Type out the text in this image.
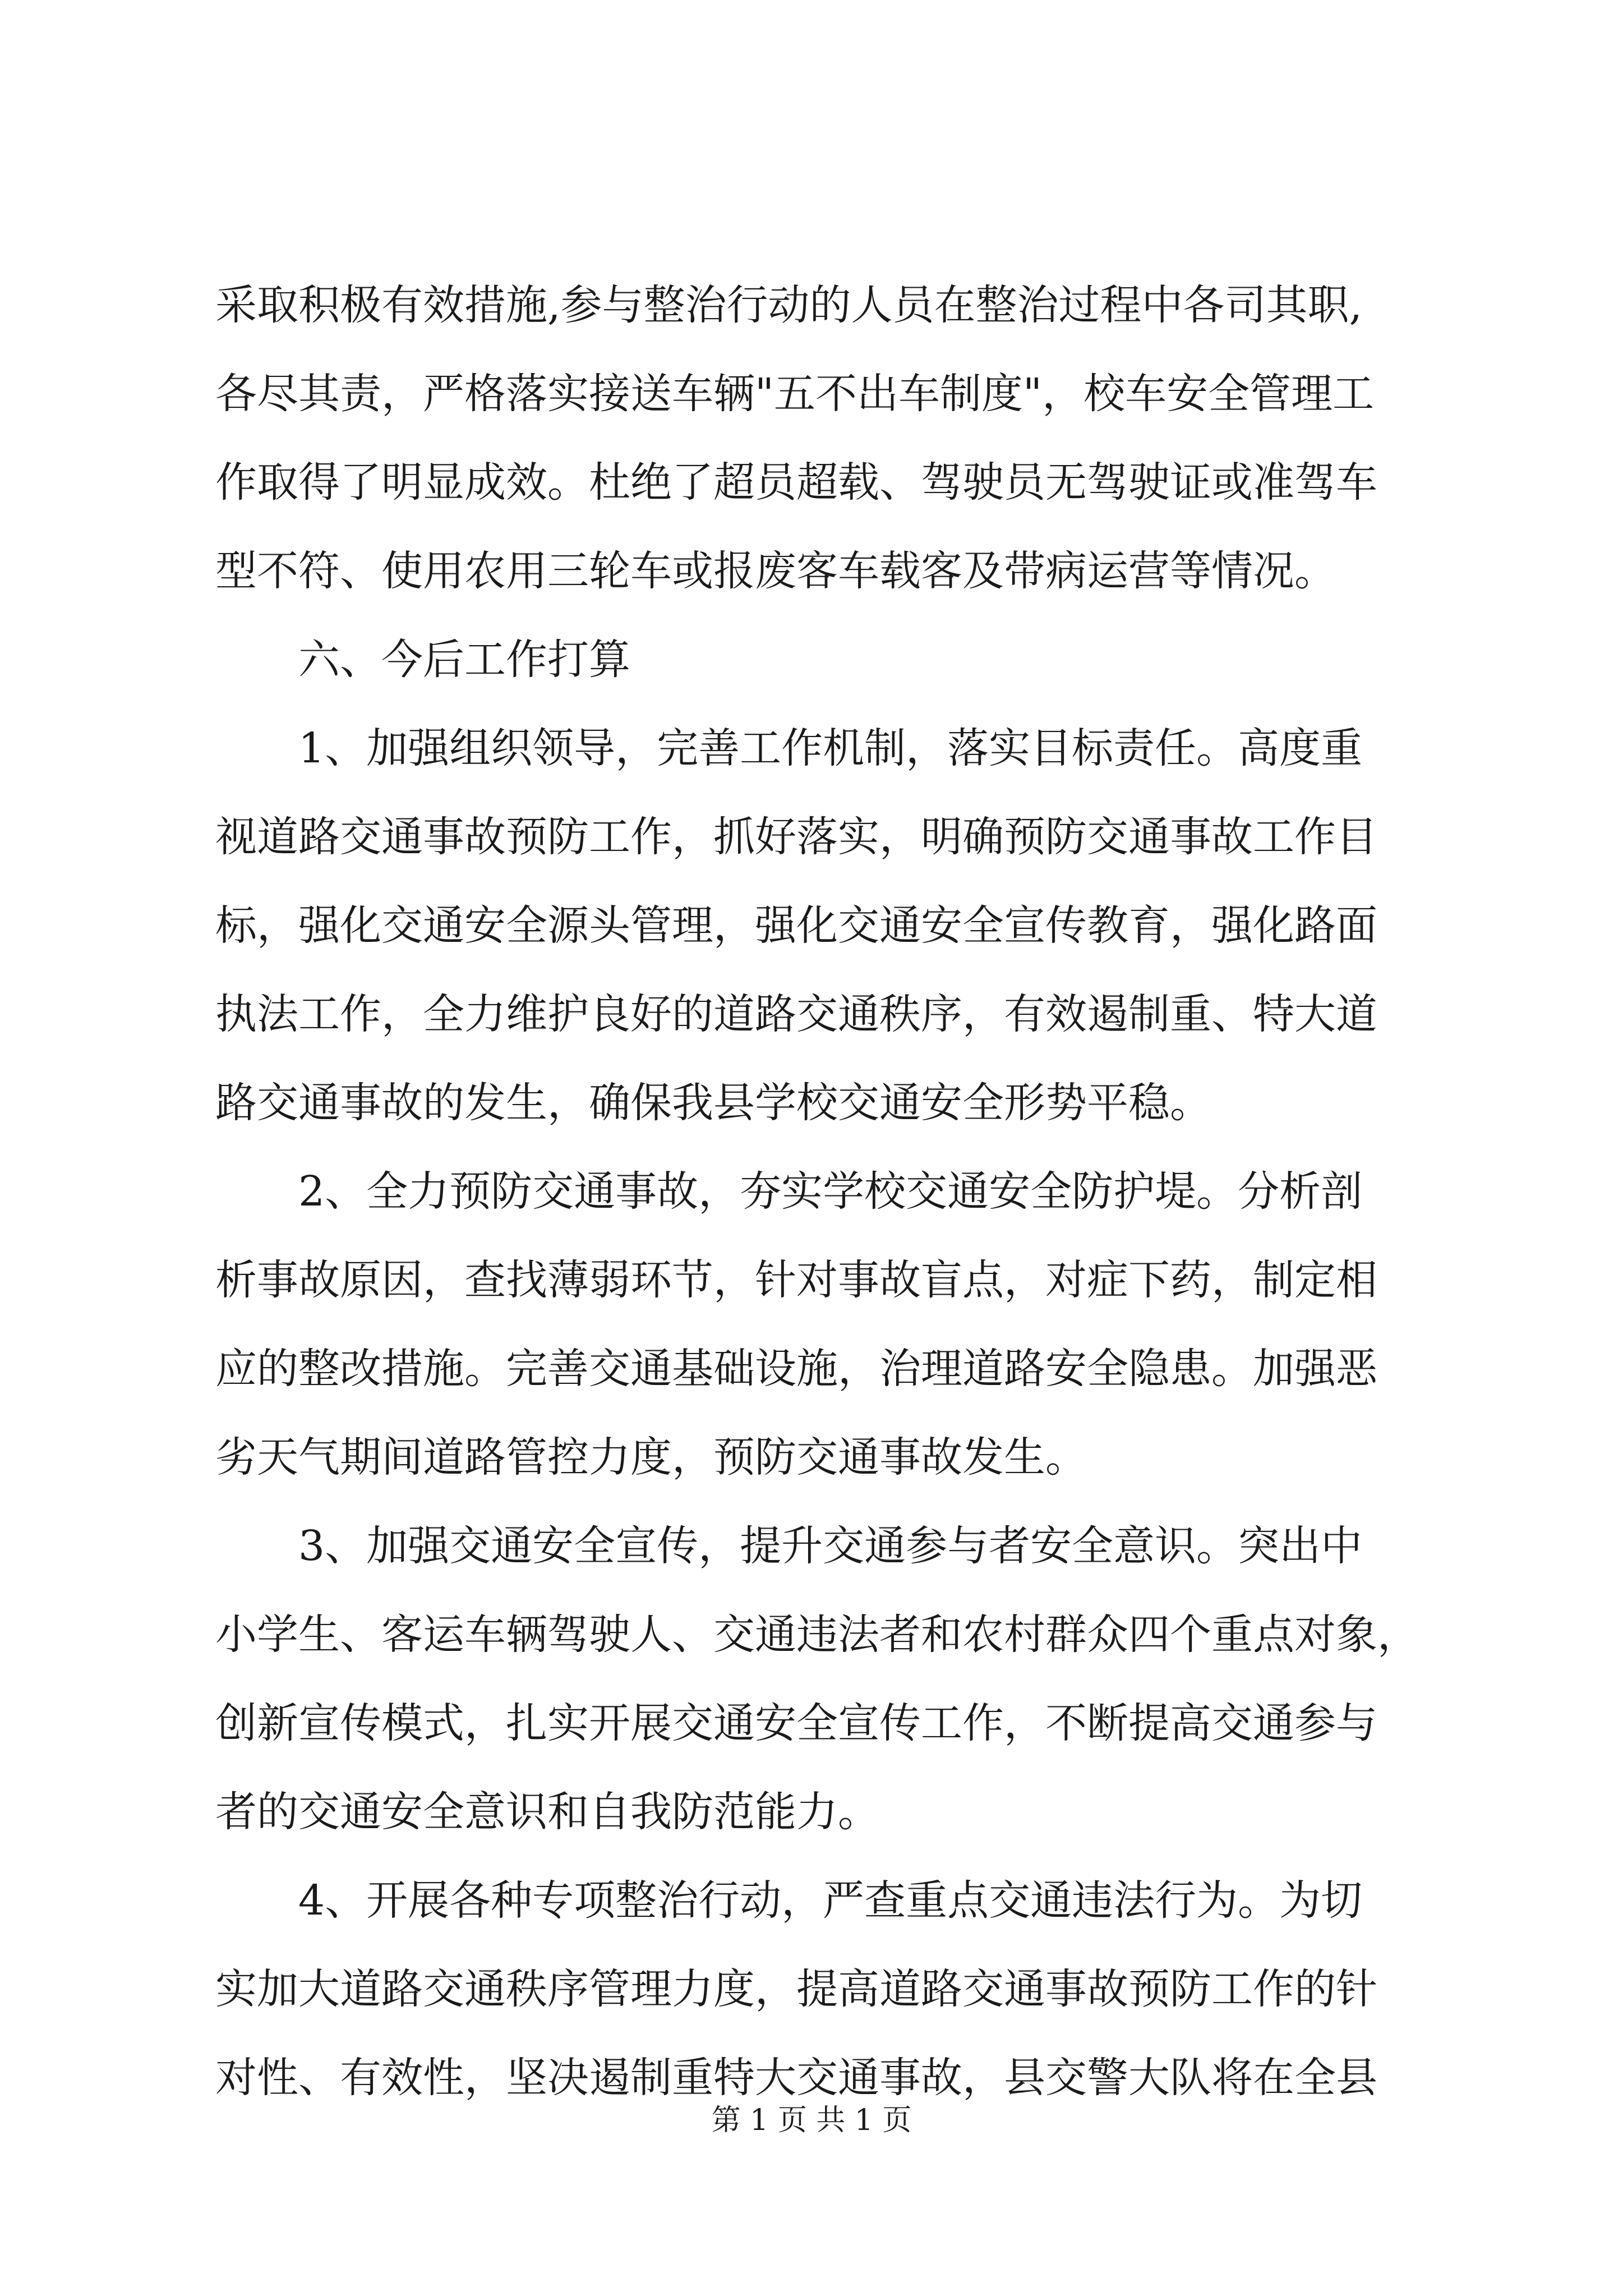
采取积极有效措施,参与整治行动的人员在整治过程中各司其职,
各尽其责，严格落实接送车辆"五不出车制度"，校车安全管理工
作取得了明显成效。杜绝了超员超载、驾驶员无驾驶证或准驾车
型不符、使用农用三轮车或报废客车载客及带病运营等情况。
六、今后工作打算
1、加强组织领导，完善工作机制，落实目标责任。高度重
视道路交通事故预防工作，抓好落实，明确预防交通事故工作目
标，强化交通安全源头管理，强化交通安全宣传教育，强化路面
执法工作，全力维护良好的道路交通秩序，有效遏制重、特大道
路交通事故的发生，确保我县学校交通安全形势平稳。
2、全力预防交通事故，夯实学校交通安全防护堤。分析剖
析事故原因，查找薄弱环节，针对事故盲点，对症下药，制定相
应的整改措施。完善交通基础设施，治理道路安全隐患。加强恶
劣天气期间道路管控力度，预防交通事故发生。
3、加强交通安全宣传，提升交通参与者安全意识。突出中
小学生、客运车辆驾驶人、交通违法者和农村群众四个重点对象，
创新宣传模式，扎实开展交通安全宣传工作，不断提高交通参与
者的交通安全意识和自我防范能力。
4、开展各种专项整治行动，严查重点交通违法行为。为切
实加大道路交通秩序管理力度，提高道路交通事故预防工作的针
对性、有效性，坚决遏制重特大交通事故，县交警大队将在全县
第 1 页 共 1 页
